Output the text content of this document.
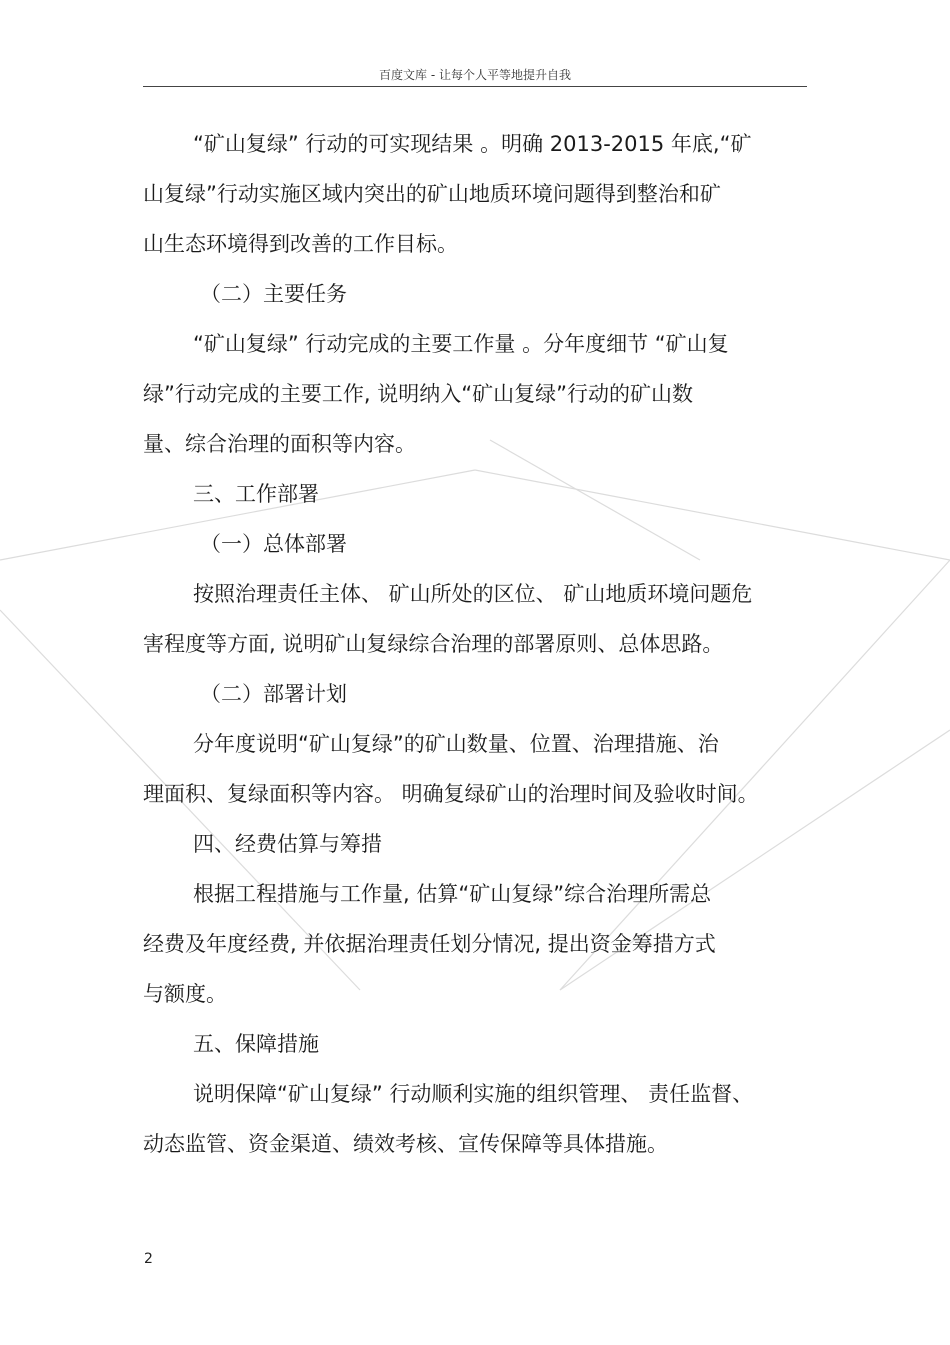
百度文库 - 让每个人平等地提升自我
“矿山复绿” 行动的可实现结果 。明确 2013-2015 年底,“矿
山复绿”行动实施区域内突出的矿山地质环境问题得到整治和矿
山生态环境得到改善的工作目标。
（二）主要任务
“矿山复绿” 行动完成的主要工作量 。分年度细节 “矿山复
绿”行动完成的主要工作, 说明纳入“矿山复绿”行动的矿山数
量、综合治理的面积等内容。
三、工作部署
（一）总体部署
按照治理责任主体、 矿山所处的区位、 矿山地质环境问题危
害程度等方面, 说明矿山复绿综合治理的部署原则、总体思路。
（二）部署计划
分年度说明“矿山复绿”的矿山数量、位置、治理措施、治
理面积、复绿面积等内容。 明确复绿矿山的治理时间及验收时间。
四、经费估算与筹措
根据工程措施与工作量, 估算“矿山复绿”综合治理所需总
经费及年度经费, 并依据治理责任划分情况, 提出资金筹措方式
与额度。
五、保障措施
说明保障“矿山复绿” 行动顺利实施的组织管理、 责任监督、
动态监管、资金渠道、绩效考核、宣传保障等具体措施。
2
